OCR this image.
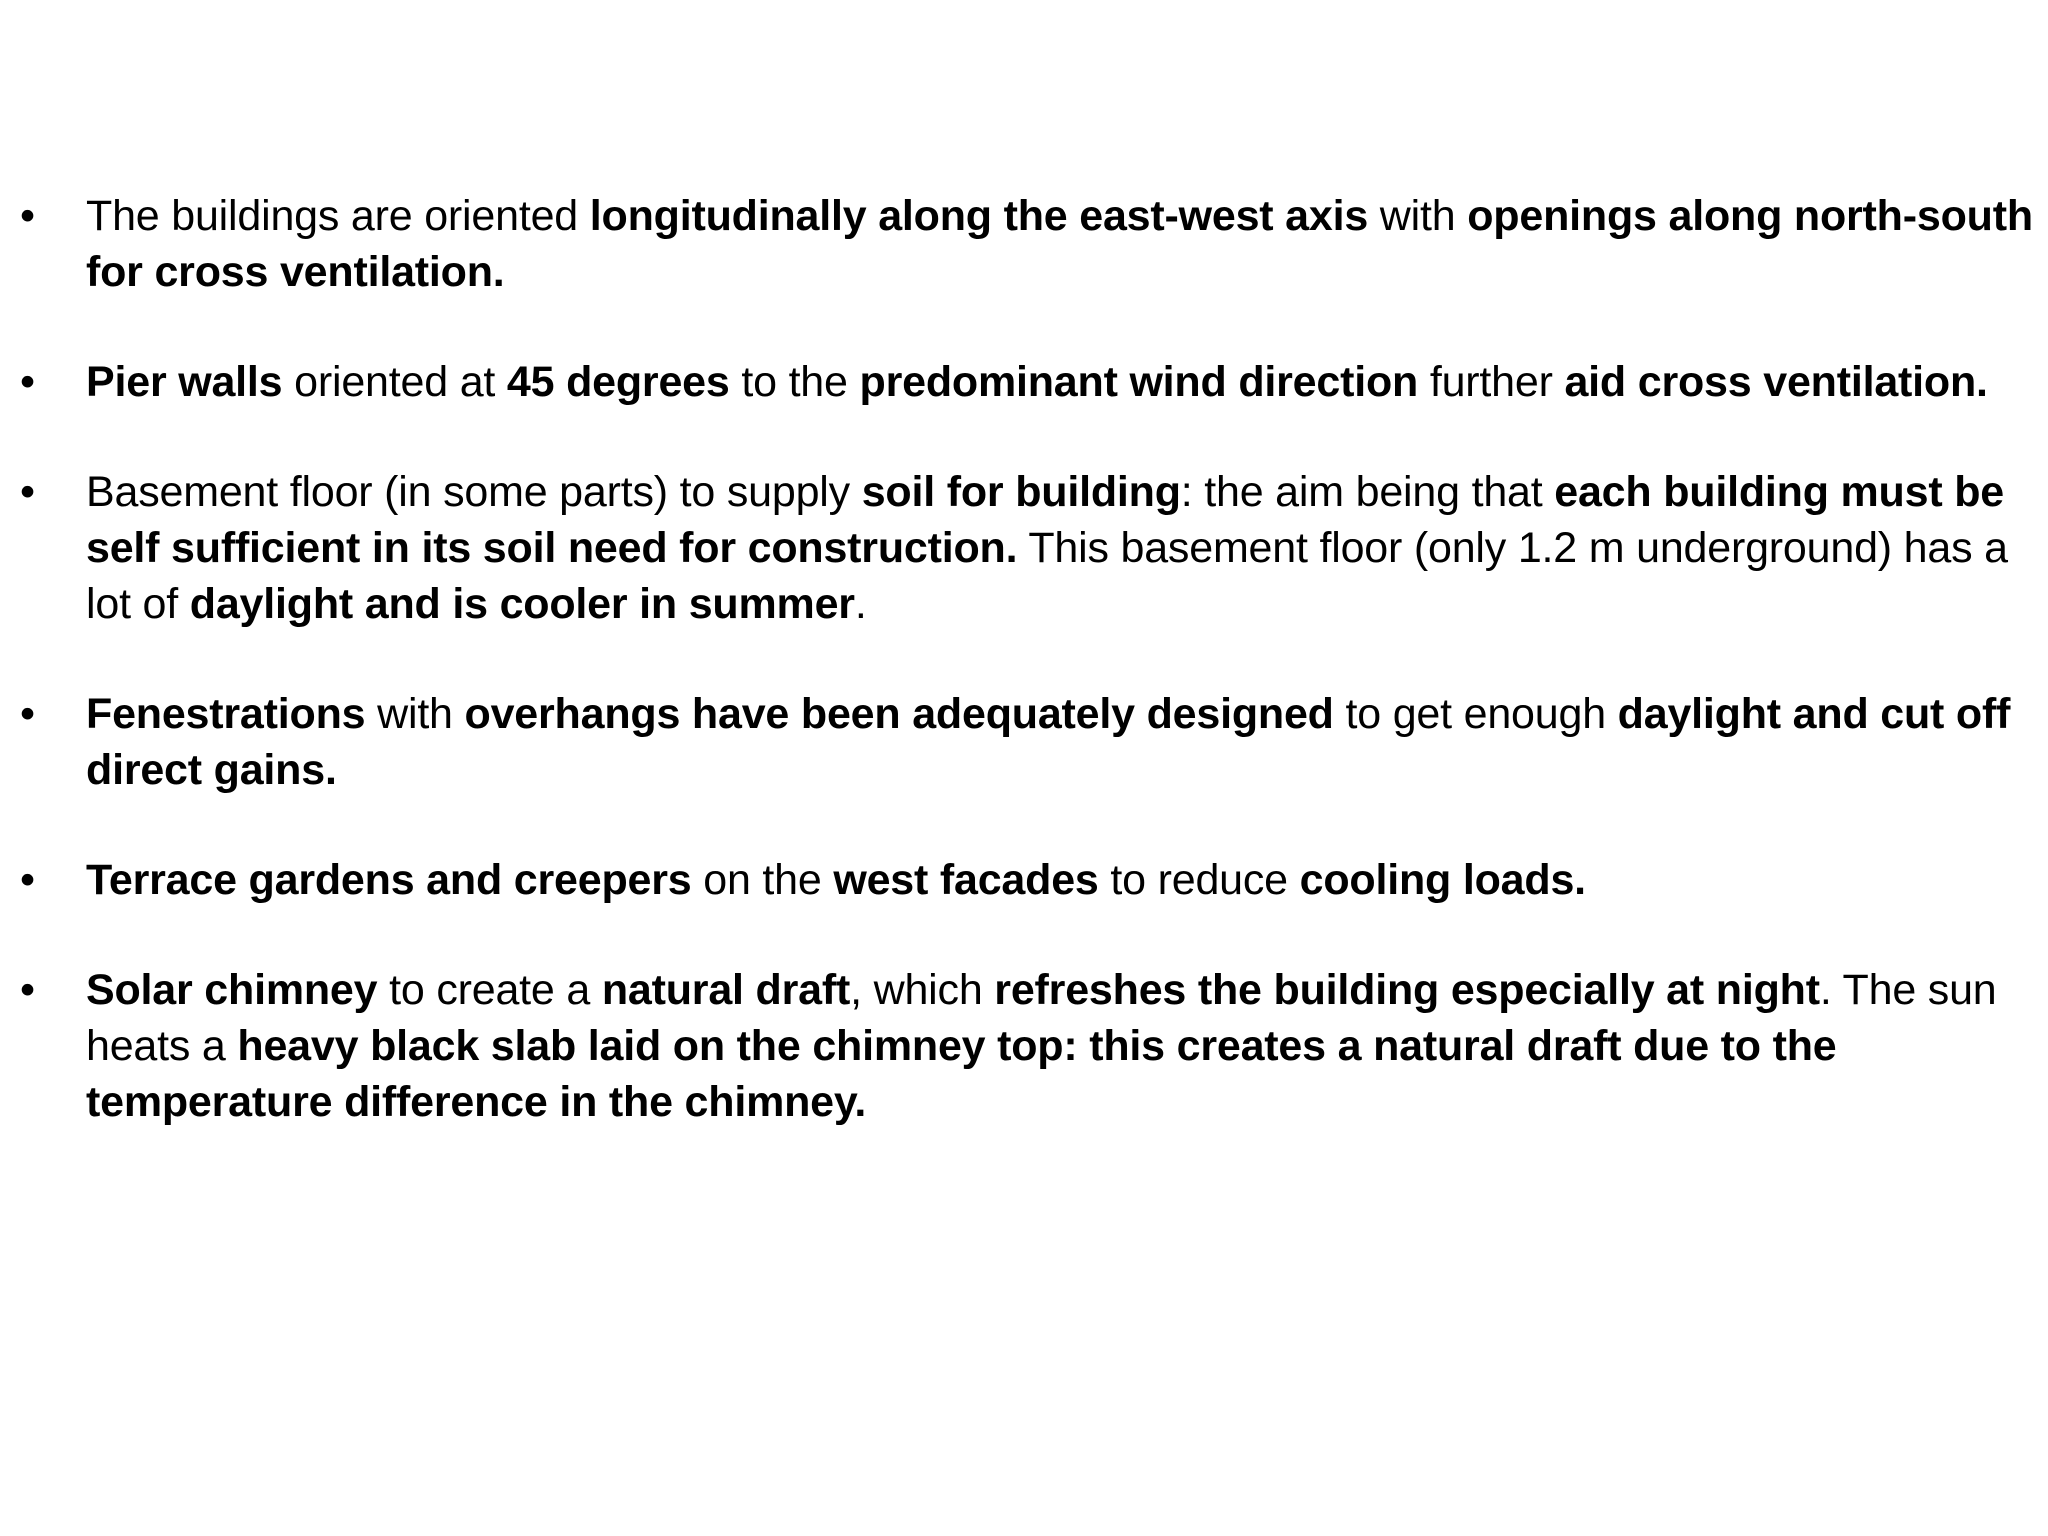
• The buildings are oriented longitudinally along the east-west axis with openings along north-south for cross ventilation.
• Pier walls oriented at 45 degrees to the predominant wind direction further aid cross ventilation.
• Basement floor (in some parts) to supply soil for building: the aim being that each building must be self sufficient in its soil need for construction. This basement floor (only 1.2 m underground) has a lot of daylight and is cooler in summer.
• Fenestrations with overhangs have been adequately designed to get enough daylight and cut off direct gains.
• Terrace gardens and creepers on the west facades to reduce cooling loads.
• Solar chimney to create a natural draft, which refreshes the building especially at night. The sun heats a heavy black slab laid on the chimney top: this creates a natural draft due to the temperature difference in the chimney.
